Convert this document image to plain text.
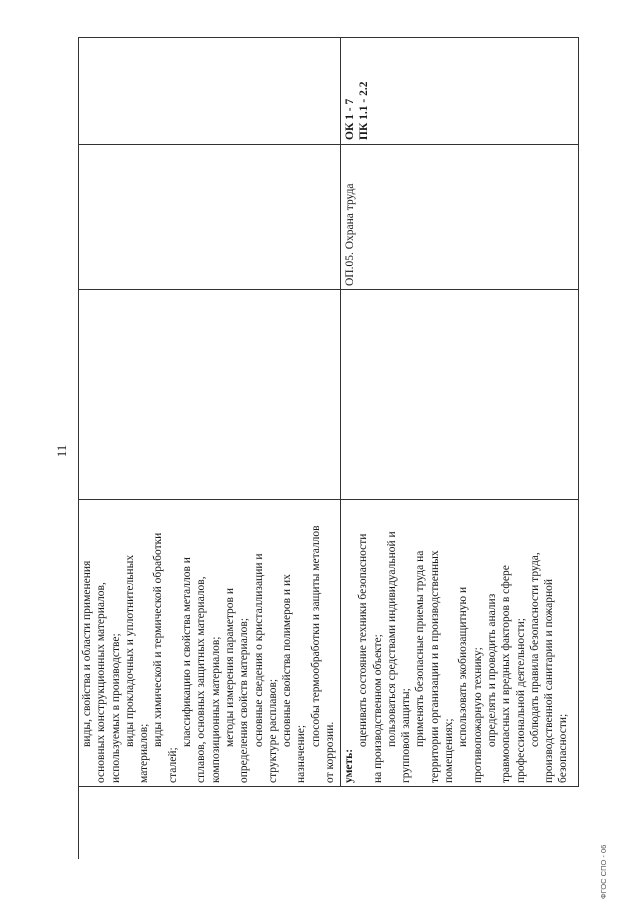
виды, свойства и области применения основных конструкционных материалов, используемых в производстве; виды прокладочных и уплотнительных

материалов;

виды химической и термической обработки

сталей;

классификацию и свойства металлов и сплавов, основных защитных материалов, композиционных материалов; методы измерения параметров и определения свойств материалов; основные сведения о кристаллизации и структуре расплавов; основные свойства полимеров и их

назначение;

способы термообработки и защиты металлов

от коррозии. уметь:

оценивать состояние техники безопасности на производственном объекте; пользоваться средствами индивидуальной и групповой защиты; применять безопасные приемы труда на территории организации и в производственных помещениях;

использовать экобиозащитную и противопожарную технику; определять и проводить анализ травмоопасных и вредных факторов в сфере профессиональной деятельности; соблюдать правила безопасности труда, производственной санитарии и пожарной безопасности;

ОП.05. Охрана труда

ОК 1 - 7 ПК 1.1 - 2.2

11
ФГОС СПО - 06
